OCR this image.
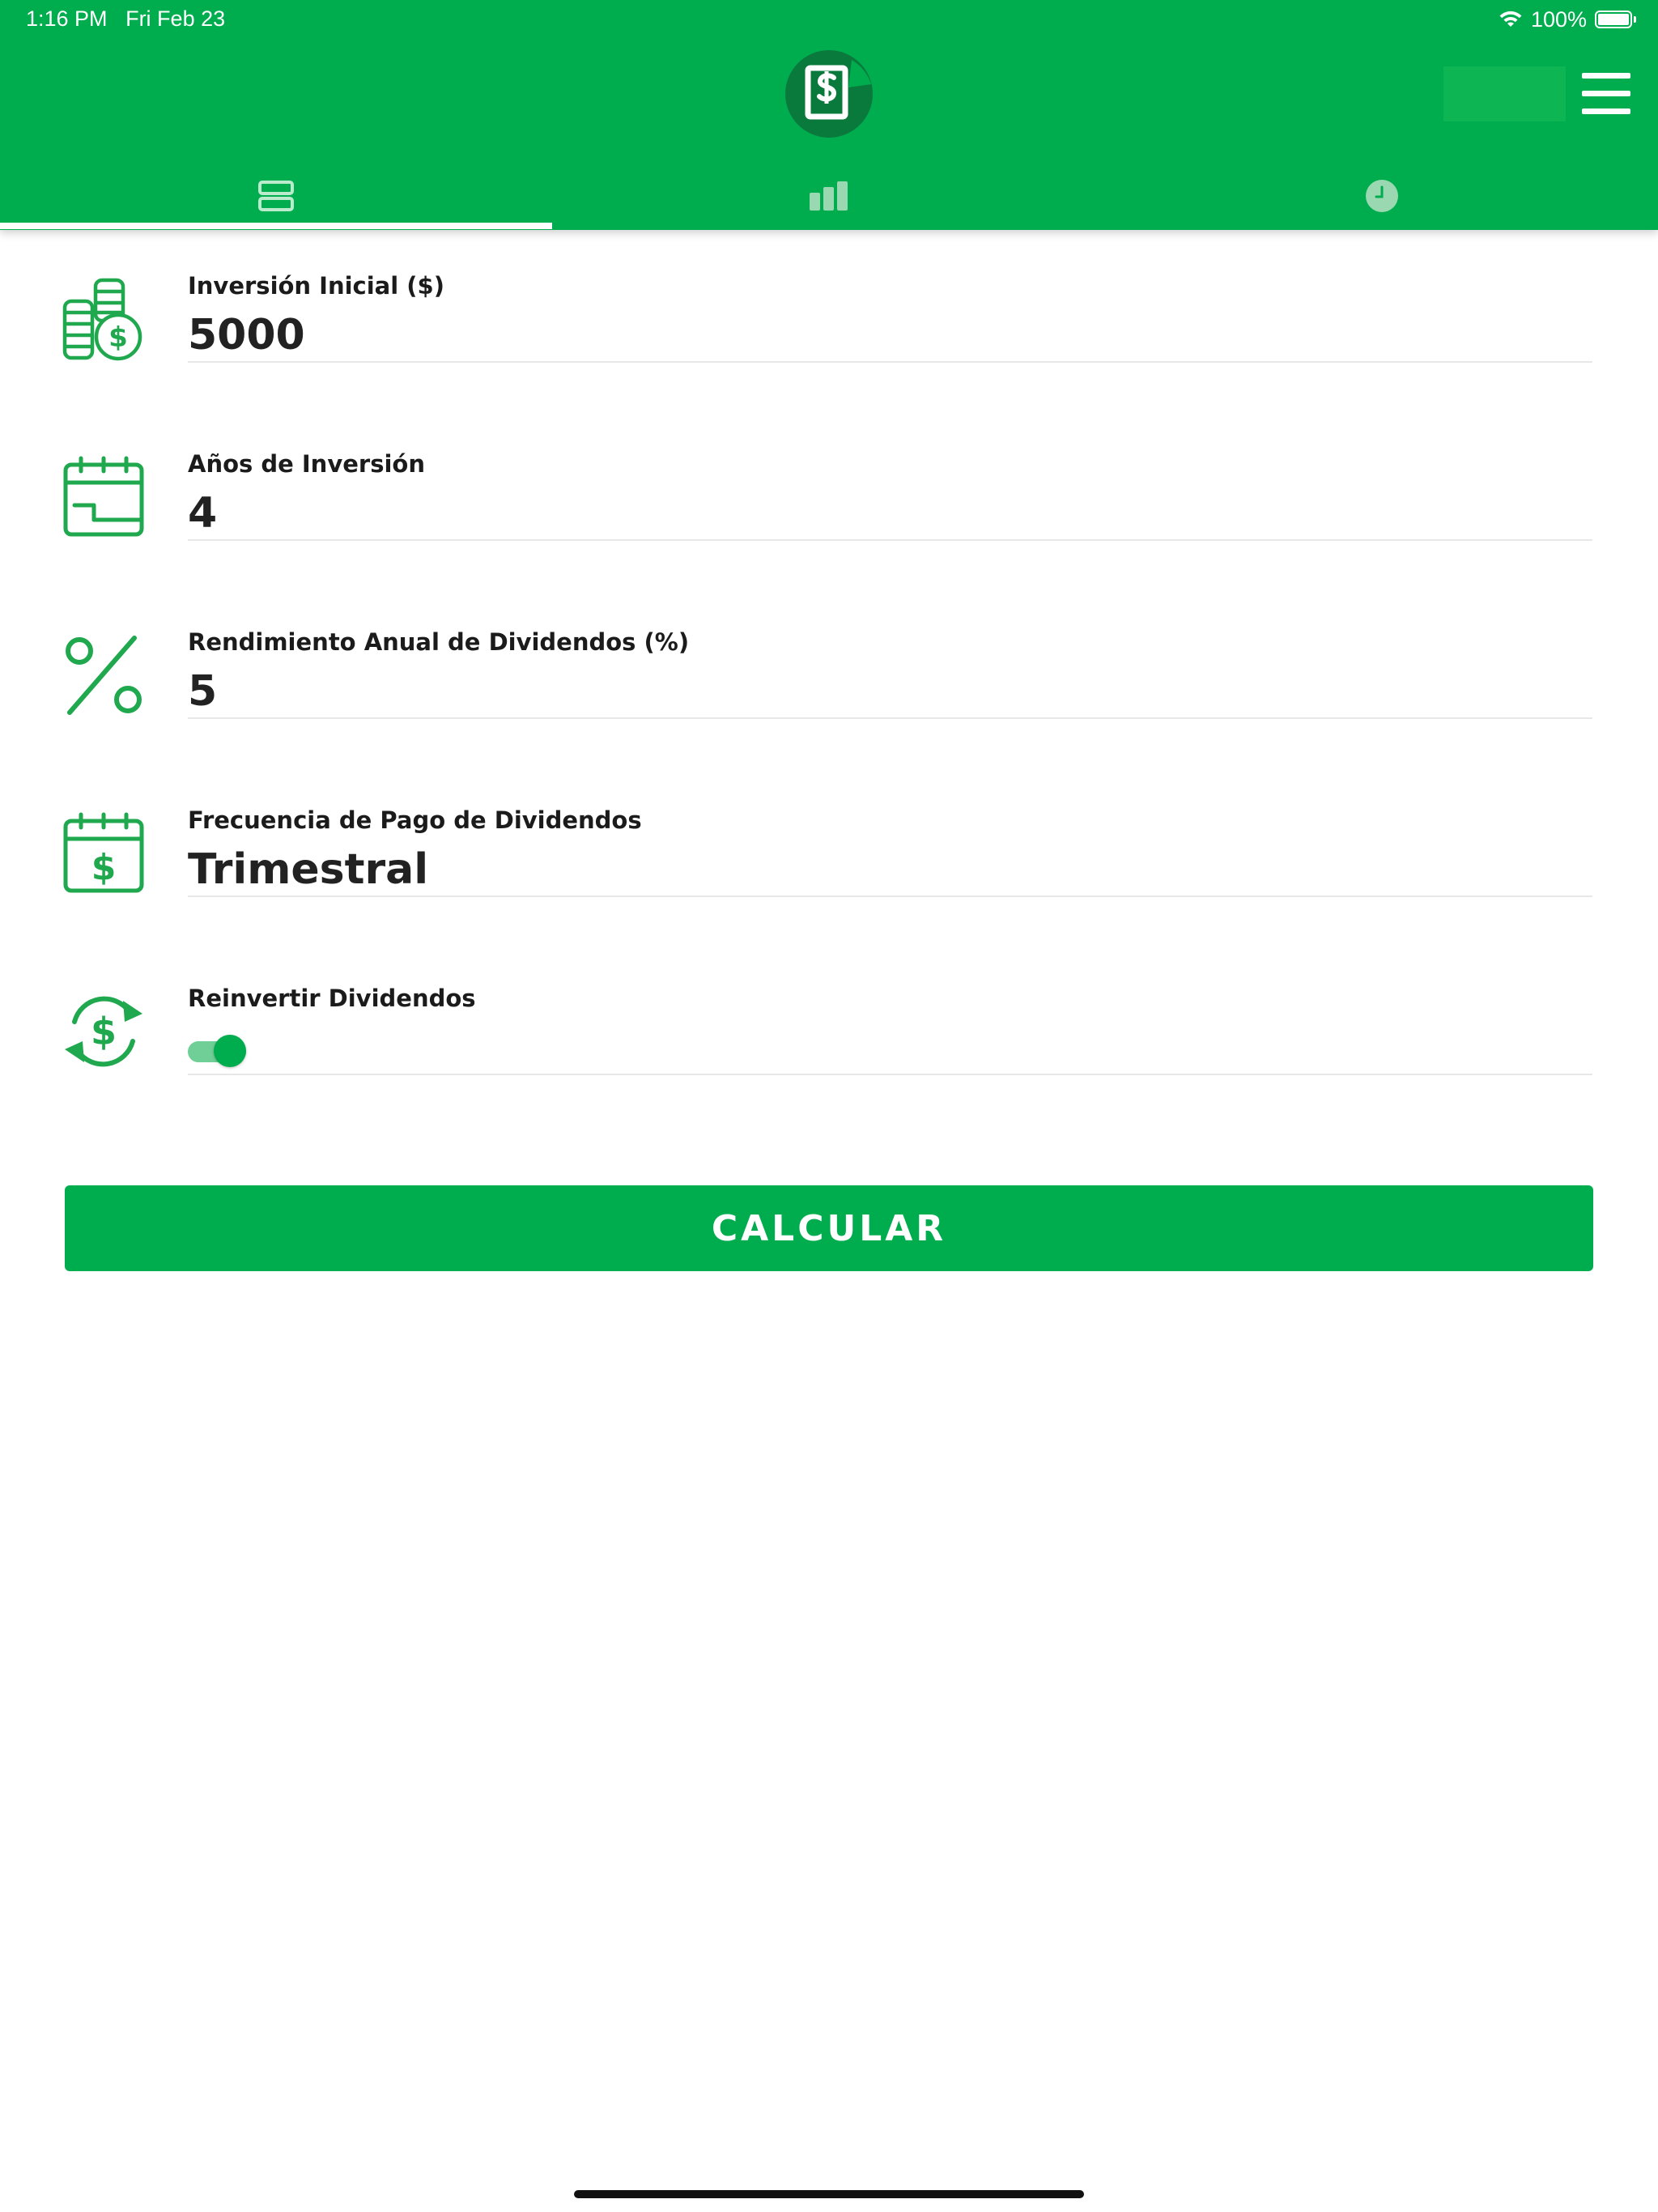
1:16 PM Fri Feb 23	100%
$
Inversión Inicial ($)
5000
Años de Inversión
4
Rendimiento Anual de Dividendos (%)
5
$
Frecuencia de Pago de Dividendos
Trimestral
$
Reinvertir Dividendos
CALCULAR
